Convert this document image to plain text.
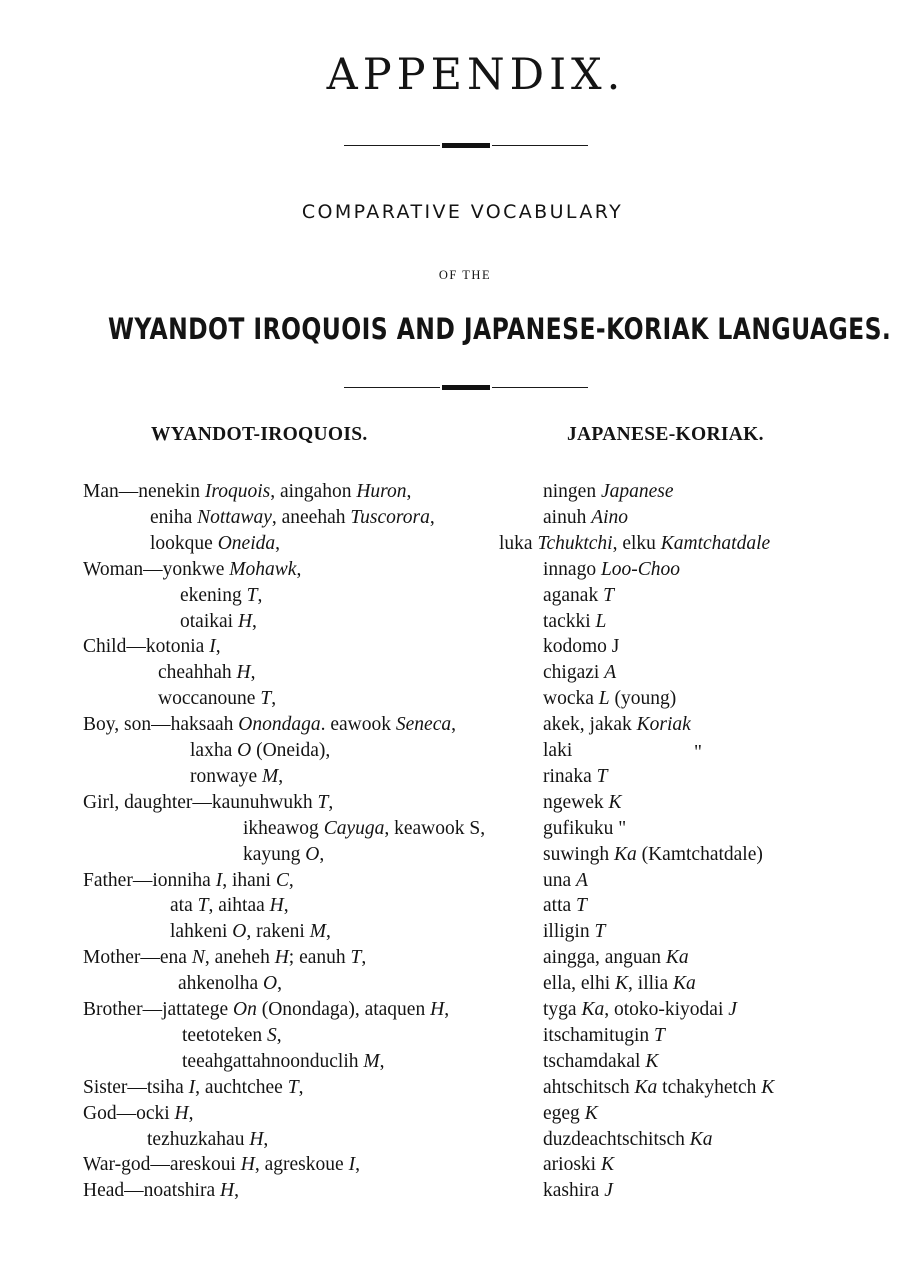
APPENDIX.
COMPARATIVE VOCABULARY
OF THE
WYANDOT IROQUOIS AND JAPANESE-KORIAK LANGUAGES.
WYANDOT-IROQUOIS.	JAPANESE-KORIAK.
Man—nenekin Iroquois, aingahon Huron,
eniha Nottaway, aneehah Tuscorora,
lookque Oneida,
Woman—yonkwe Mohawk,
ekening T,
otaikai H,
Child—kotonia I,
cheahhah H,
woccanoune T,
Boy, son—haksaah Onondaga. eawook Seneca,
laxha O (Oneida),
ronwaye M,
Girl, daughter—kaunuhwukh T,
ikheawog Cayuga, keawook S,
kayung O,
Father—ionniha I, ihani C,
ata T, aihtaa H,
lahkeni O, rakeni M,
Mother—ena N, aneheh H; eanuh T,
ahkenolha O,
Brother—jattatege On (Onondaga), ataquen H,
teetoteken S,
teeahgattahnoonduclih M,
Sister—tsiha I, auchtchee T,
God—ocki H,
tezhuzkahau H,
War-god—areskoui H, agreskoue I,
Head—noatshira H,
ningen Japanese
ainuh Aino
luka Tchuktchi, elku Kamtchatdale
innago Loo-Choo
aganak T
tackki L
kodomo J
chigazi A
wocka L (young)
akek, jakak Koriak
laki
rinaka T
ngewek K
gufikuku "
suwingh Ka (Kamtchatdale)
una A
atta T
illigin T
aingga, anguan Ka
ella, elhi K, illia Ka
tyga Ka, otoko-kiyodai J
itschamitugin T
tschamdakal K
ahtschitsch Ka tchakyhetch K
egeg K
duzdeachtschitsch Ka
arioski K
kashira J
"
